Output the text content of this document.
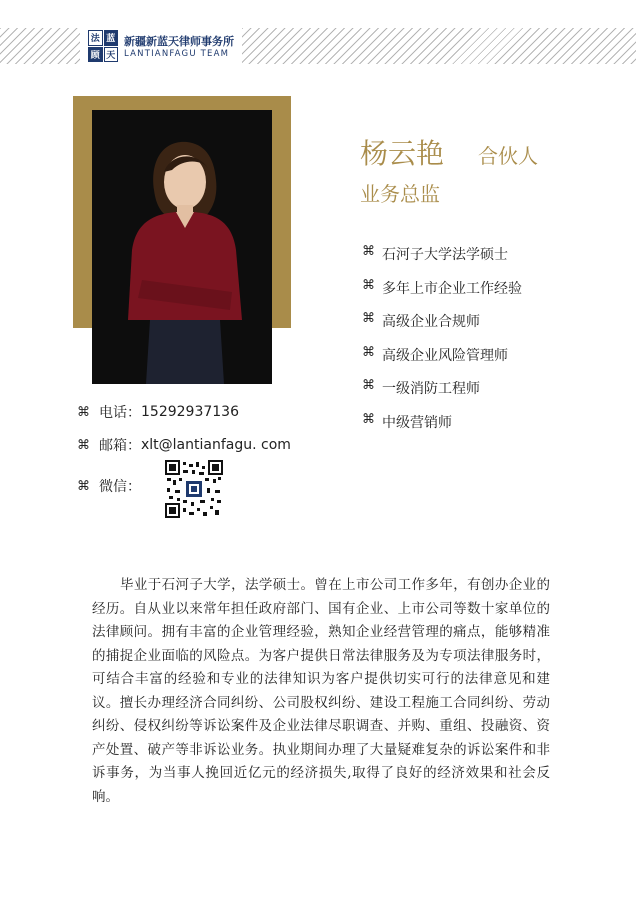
法 蓝
顾 天
新疆新蓝天律师事务所
LANTIANFAGU TEAM
杨云艳 合伙人
业务总监
⌘ 石河子大学法学硕士
⌘ 多年上市企业工作经验
⌘ 高级企业合规师
⌘ 高级企业风险管理师
⌘ 一级消防工程师
⌘ 中级营销师
⌘ 电话： 15292937136
⌘ 邮箱： xlt@lantianfagu. com
⌘ 微信：

毕业于石河子大学，法学硕士。曾在上市公司工作多年，有创办企业的经历。自从业以来常年担任政府部门、国有企业、上市公司等数十家单位的法律顾问。拥有丰富的企业管理经验，熟知企业经营管理的痛点，能够精准的捕捉企业面临的风险点。为客户提供日常法律服务及为专项法律服务时，可结合丰富的经验和专业的法律知识为客户提供切实可行的法律意见和建议。擅长办理经济合同纠纷、公司股权纠纷、建设工程施工合同纠纷、劳动纠纷、侵权纠纷等诉讼案件及企业法律尽职调查、并购、重组、投融资、资产处置、破产等非诉讼业务。执业期间办理了大量疑难复杂的诉讼案件和非诉事务，为当事人挽回近亿元的经济损失,取得了良好的经济效果和社会反响。
